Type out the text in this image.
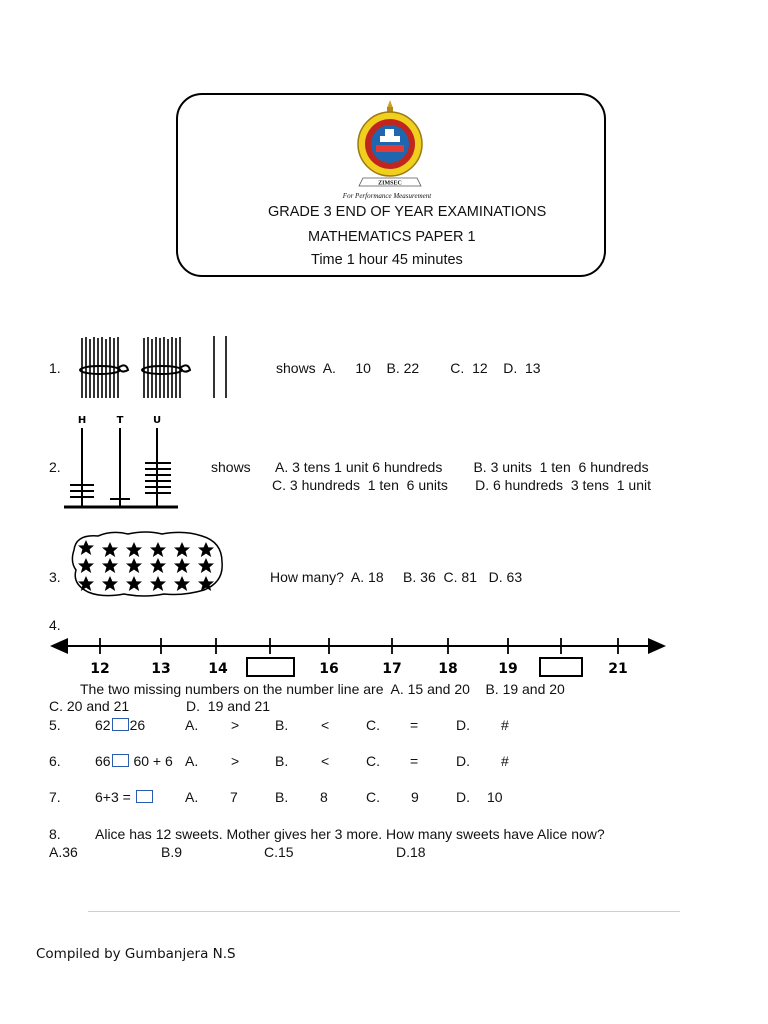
ZIMSEC
For Performance Measurement
GRADE 3 END OF YEAR EXAMINATIONS
MATHEMATICS PAPER 1
Time 1 hour 45 minutes
1.	shows  A.     10    B. 22        C.  12    D.  13
2.
H	T	U
shows A. 3 tens 1 unit 6 hundreds        B. 3 units  1 ten  6 hundreds
C. 3 hundreds  1 ten  6 units       D. 6 hundreds  3 tens  1 unit
3.	How many?  A. 18     B. 36  C. 81   D. 63
4.
12	13	14	16	17	18	19	21
The two missing numbers on the number line are  A. 15 and 20    B. 19 and 20
C. 20 and 21	D.  19 and 21
5. 62 26	A. >	B. <	C. =	D. #
6. 66 60 + 6 A. >	B. <	C. =	D. #
7. 6+3 =	A. 7	B. 8	C. 9	D. 10
8. Alice has 12 sweets. Mother gives her 3 more. How many sweets have Alice now?
A.36	B.9	C.15	D.18
Compiled by Gumbanjera N.S
